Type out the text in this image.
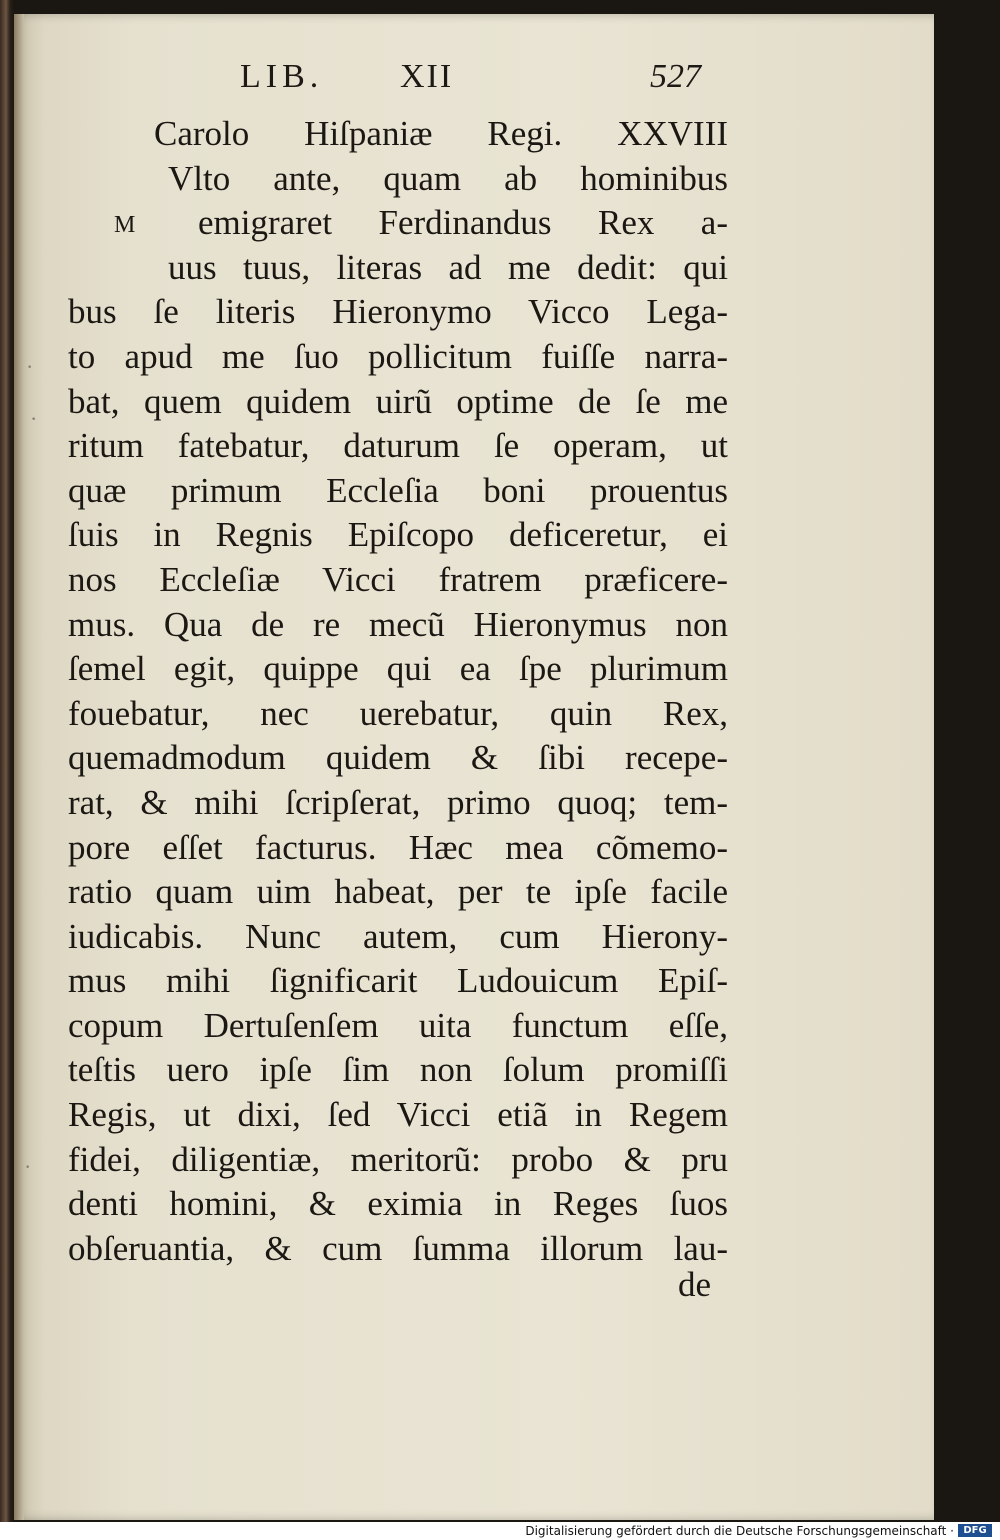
·
·
·
LIB. XII	527
M
Carolo Hiſpaniæ Regi. XXVIII
Vlto ante, quam ab hominibus
emigraret Ferdinandus Rex a-
uus tuus, literas ad me dedit: qui
bus ſe literis Hieronymo Vicco Lega-
to apud me ſuo pollicitum fuiſſe narra-
bat, quem quidem uirũ optime de ſe me
ritum fatebatur, daturum ſe operam, ut
quæ primum Eccleſia boni prouentus
ſuis in Regnis Epiſcopo deficeretur, ei
nos Eccleſiæ Vicci fratrem præficere-
mus. Qua de re mecũ Hieronymus non
ſemel egit, quippe qui ea ſpe plurimum
fouebatur, nec uerebatur, quin Rex,
quemadmodum quidem & ſibi recepe-
rat, & mihi ſcripſerat, primo quoq; tem-
pore eſſet facturus. Hæc mea cõmemo-
ratio quam uim habeat, per te ipſe facile
iudicabis. Nunc autem, cum Hierony-
mus mihi ſignificarit Ludouicum Epiſ-
copum Dertuſenſem uita functum eſſe,
teſtis uero ipſe ſim non ſolum promiſſi
Regis, ut dixi, ſed Vicci etiã in Regem
fidei, diligentiæ, meritorũ: probo & pru
denti homini, & eximia in Reges ſuos
obſeruantia, & cum ſumma illorum lau-
de
Digitalisierung gefördert durch die Deutsche Forschungsgemeinschaft · DFG
